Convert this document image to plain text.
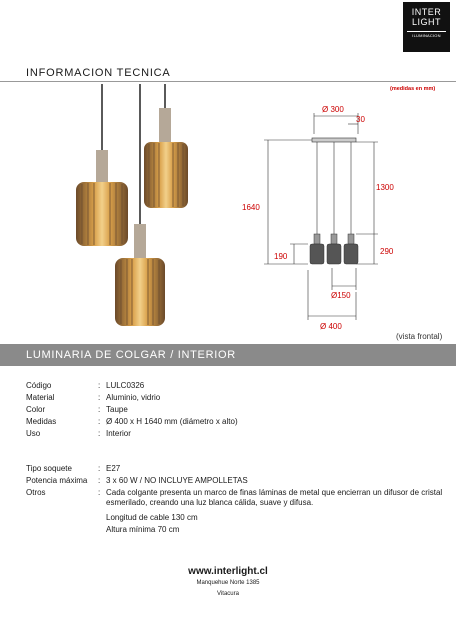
INTER
LIGHT
ILUMINACION
INFORMACION TECNICA
(medidas en mm)
Ø 300
30
1640
1300
290
190
Ø150
Ø 400
(vista frontal)
LUMINARIA DE COLGAR / INTERIOR
Código	: LULC0326
Material	: Aluminio, vidrio
Color	: Taupe
Medidas	: Ø 400 x H 1640 mm (diámetro x alto)
Uso	: Interior
Tipo soquete	: E27
Potencia máxima	: 3 x 60 W / NO INCLUYE AMPOLLETAS
Otros	: Cada colgante presenta un marco de finas láminas de metal que encierran un difusor de cristal esmerilado, creando una luz blanca cálida, suave y difusa.
Longitud de cable 130 cm
Altura mínima 70 cm
www.interlight.cl
Manquehue Norte 1385
Vitacura
